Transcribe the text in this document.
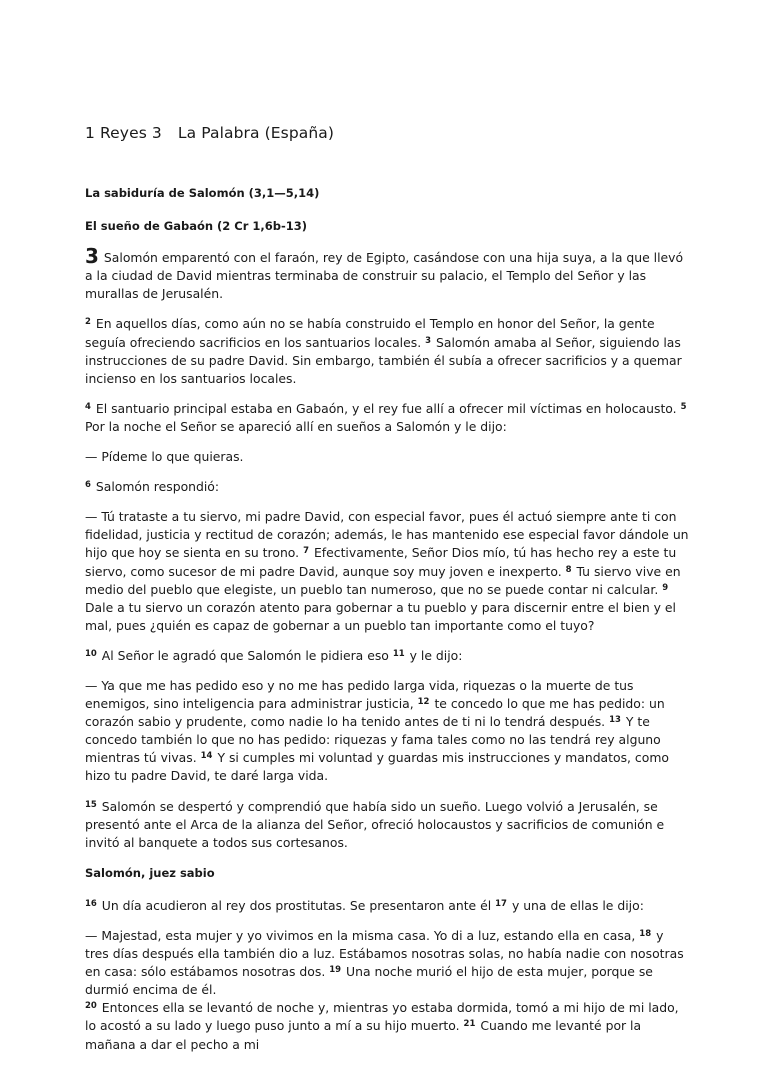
1 Reyes 3 La Palabra (España)
La sabiduría de Salomón (3,1—5,14)
El sueño de Gabaón (2 Cr 1,6b-13)

3 Salomón emparentó con el faraón, rey de Egipto, casándose con una hija suya, a la que llevó a la ciudad de David mientras terminaba de construir su palacio, el Templo del Señor y las murallas de Jerusalén.

$^2$ En aquellos días, como aún no se había construido el Templo en honor del Señor, la gente seguía ofreciendo sacrificios en los santuarios locales. $^3$ Salomón amaba al Señor, siguiendo las instrucciones de su padre David. Sin embargo, también él subía a ofrecer sacrificios y a quemar incienso en los santuarios locales.

$^4$ El santuario principal estaba en Gabaón, y el rey fue allí a ofrecer mil víctimas en holocausto. $^5$ Por la noche el Señor se apareció allí en sueños a Salomón y le dijo:

— Pídeme lo que quieras.

$^6$ Salomón respondió:

— Tú trataste a tu siervo, mi padre David, con especial favor, pues él actuó siempre ante ti con fidelidad, justicia y rectitud de corazón; además, le has mantenido ese especial favor dándole un hijo que hoy se sienta en su trono. $^7$ Efectivamente, Señor Dios mío, tú has hecho rey a este tu siervo, como sucesor de mi padre David, aunque soy muy joven e inexperto. $^8$ Tu siervo vive en medio del pueblo que elegiste, un pueblo tan numeroso, que no se puede contar ni calcular. $^9$ Dale a tu siervo un corazón atento para gobernar a tu pueblo y para discernir entre el bien y el mal, pues ¿quién es capaz de gobernar a un pueblo tan importante como el tuyo?

$^{10}$ Al Señor le agradó que Salomón le pidiera eso $^{11}$ y le dijo:

— Ya que me has pedido eso y no me has pedido larga vida, riquezas o la muerte de tus enemigos, sino inteligencia para administrar justicia, $^{12}$ te concedo lo que me has pedido: un corazón sabio y prudente, como nadie lo ha tenido antes de ti ni lo tendrá después. $^{13}$ Y te concedo también lo que no has pedido: riquezas y fama tales como no las tendrá rey alguno mientras tú vivas. $^{14}$ Y si cumples mi voluntad y guardas mis instrucciones y mandatos, como hizo tu padre David, te daré larga vida.

$^{15}$ Salomón se despertó y comprendió que había sido un sueño. Luego volvió a Jerusalén, se presentó ante el Arca de la alianza del Señor, ofreció holocaustos y sacrificios de comunión e invitó al banquete a todos sus cortesanos.

Salomón, juez sabio

$^{16}$ Un día acudieron al rey dos prostitutas. Se presentaron ante él $^{17}$ y una de ellas le dijo:

— Majestad, esta mujer y yo vivimos en la misma casa. Yo di a luz, estando ella en casa, $^{18}$ y tres días después ella también dio a luz. Estábamos nosotras solas, no había nadie con nosotras en casa: sólo estábamos nosotras dos. $^{19}$ Una noche murió el hijo de esta mujer, porque se durmió encima de él.
$^{20}$ Entonces ella se levantó de noche y, mientras yo estaba dormida, tomó a mi hijo de mi lado, lo acostó a su lado y luego puso junto a mí a su hijo muerto. $^{21}$ Cuando me levanté por la mañana a dar el pecho a mi
